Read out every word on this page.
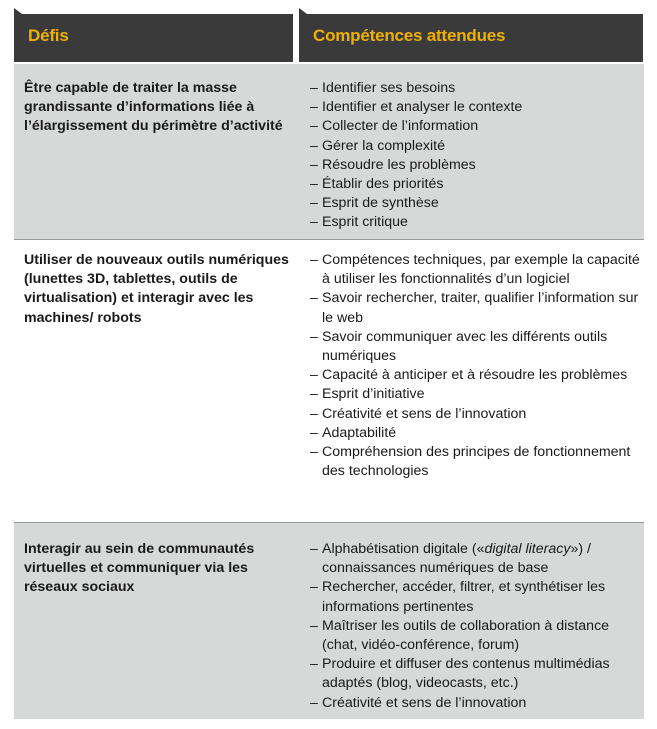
Défis	Compétences attendues
Être capable de traiter la masse grandissante d’informations liée à l’élargissement du périmètre d’activité
– Identifier ses besoins
– Identifier et analyser le contexte
– Collecter de l’information
– Gérer la complexité
– Résoudre les problèmes
– Établir des priorités
– Esprit de synthèse
– Esprit critique
Utiliser de nouveaux outils numériques (lunettes 3D, tablettes, outils de virtualisation) et interagir avec les machines/ robots
– Compétences techniques, par exemple la capacité à utiliser les fonctionnalités d’un logiciel
– Savoir rechercher, traiter, qualifier l’information sur le web
– Savoir communiquer avec les différents outils numériques
– Capacité à anticiper et à résoudre les problèmes
– Esprit d’initiative
– Créativité et sens de l’innovation
– Adaptabilité
– Compréhension des principes de fonctionnement des technologies
Interagir au sein de communautés virtuelles et communiquer via les réseaux sociaux
– Alphabétisation digitale («digital literacy») / connaissances numériques de base
– Rechercher, accéder, filtrer, et synthétiser les informations pertinentes
– Maîtriser les outils de collaboration à distance (chat, vidéo-conférence, forum)
– Produire et diffuser des contenus multimédias adaptés (blog, videocasts, etc.)
– Créativité et sens de l’innovation
